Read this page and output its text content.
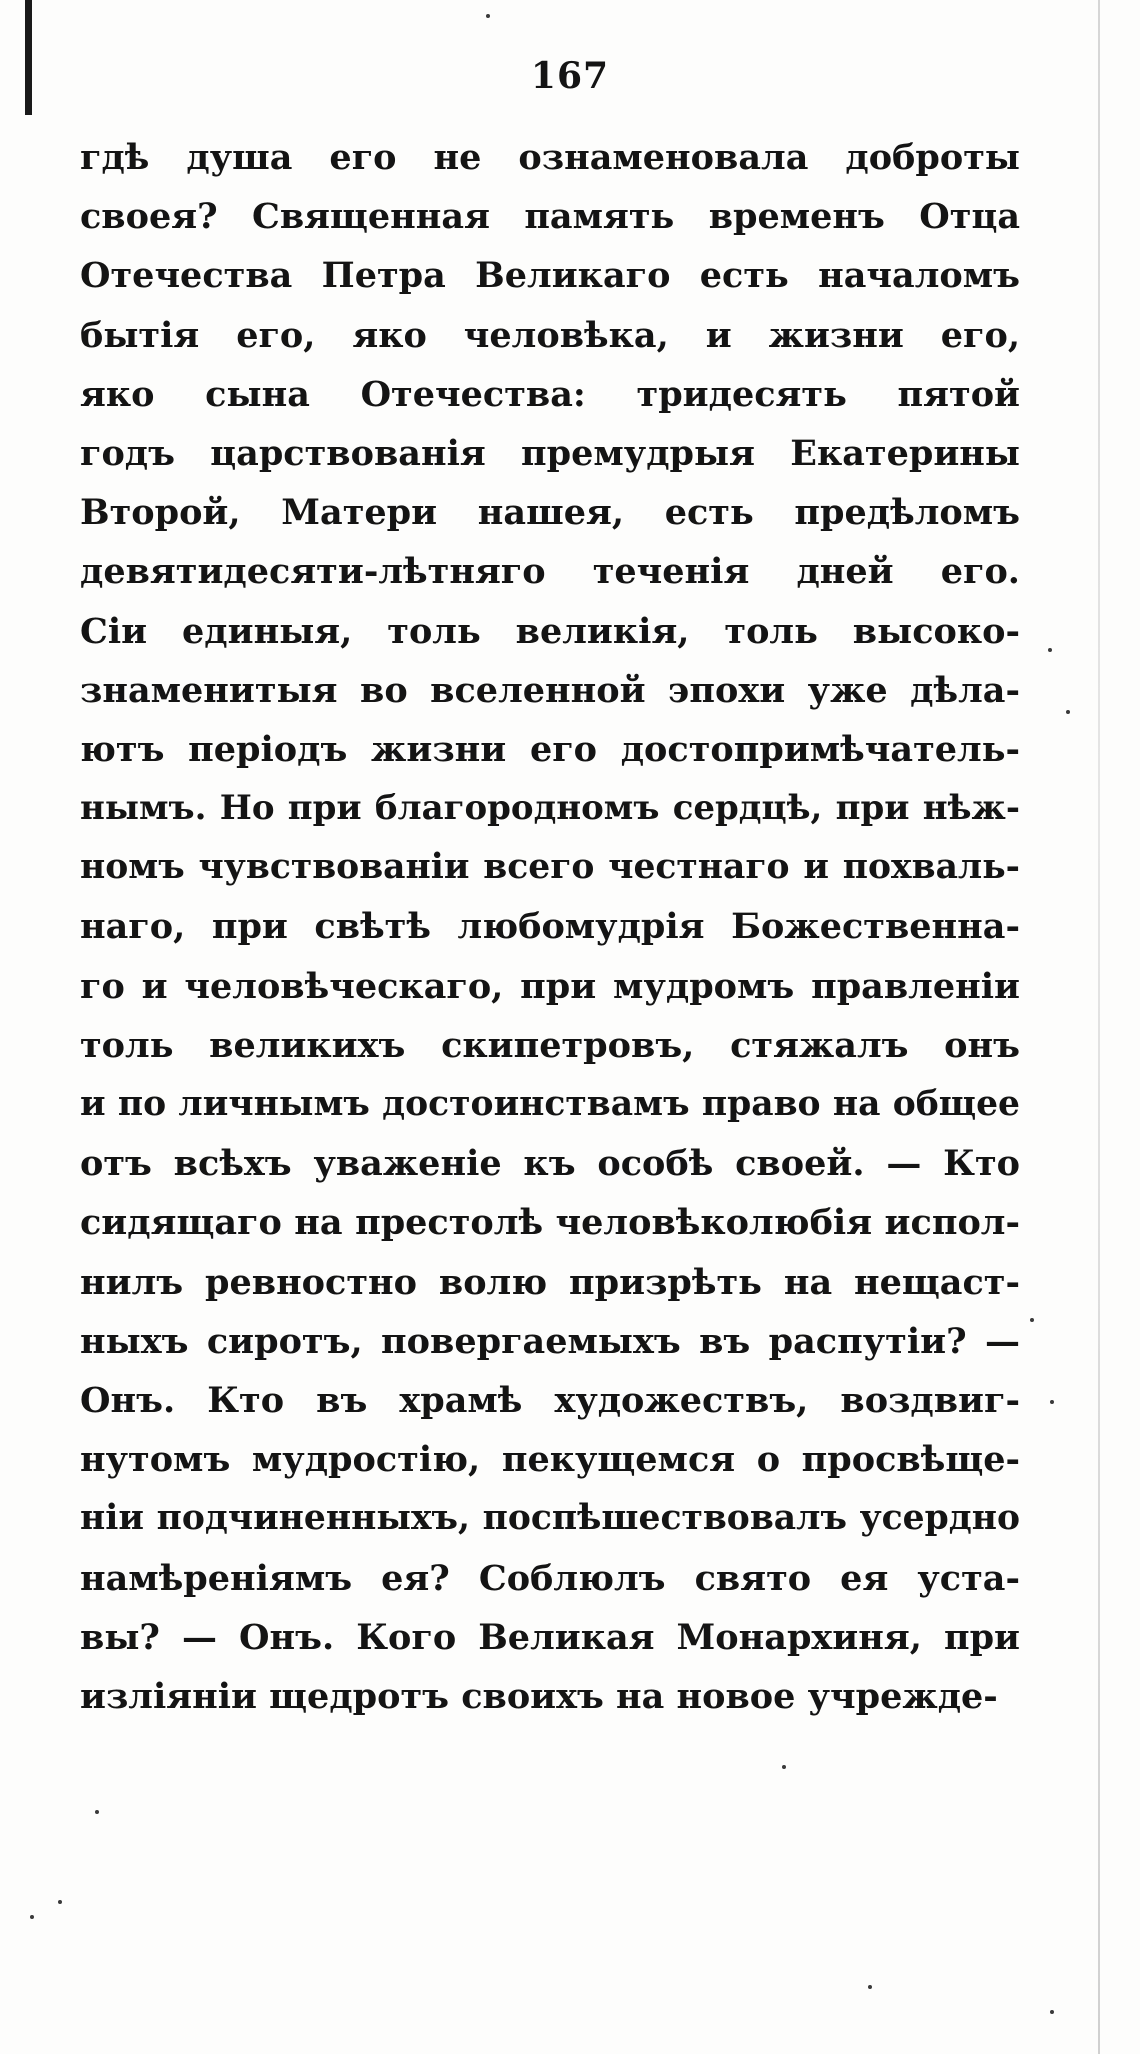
167
гдѣ душа его не ознаменовала доброты
своея? Священная память временъ Отца
Отечества Петра Великаго есть началомъ
бытія его, яко человѣка, и жизни его,
яко сына Отечества: тридесять пятой
годъ царствованія премудрыя Екатерины
Второй, Матери нашея, есть предѣломъ
девятидесяти-лѣтняго теченія дней его.
Сіи единыя, толь великія, толь высоко-
знаменитыя во вселенной эпохи уже дѣла-
ютъ періодъ жизни его достопримѣчатель-
нымъ. Но при благородномъ сердцѣ, при нѣж-
номъ чувствованіи всего честнаго и похваль-
наго, при свѣтѣ любомудрія Божественна-
го и человѣческаго, при мудромъ правленіи
толь великихъ скипетровъ, стяжалъ онъ
и по личнымъ достоинствамъ право на общее
отъ всѣхъ уваженіе къ особѣ своей. — Кто
сидящаго на престолѣ человѣколюбія испол-
нилъ ревностно волю призрѣть на нещаст-
ныхъ сиротъ, повергаемыхъ въ распутіи? —
Онъ. Кто въ храмѣ художествъ, воздвиг-
нутомъ мудростію, пекущемся о просвѣще-
ніи подчиненныхъ, поспѣшествовалъ усердно
намѣреніямъ ея? Соблюлъ свято ея уста-
вы? — Онъ. Кого Великая Монархиня, при
изліяніи щедротъ своихъ на новое учрежде-
